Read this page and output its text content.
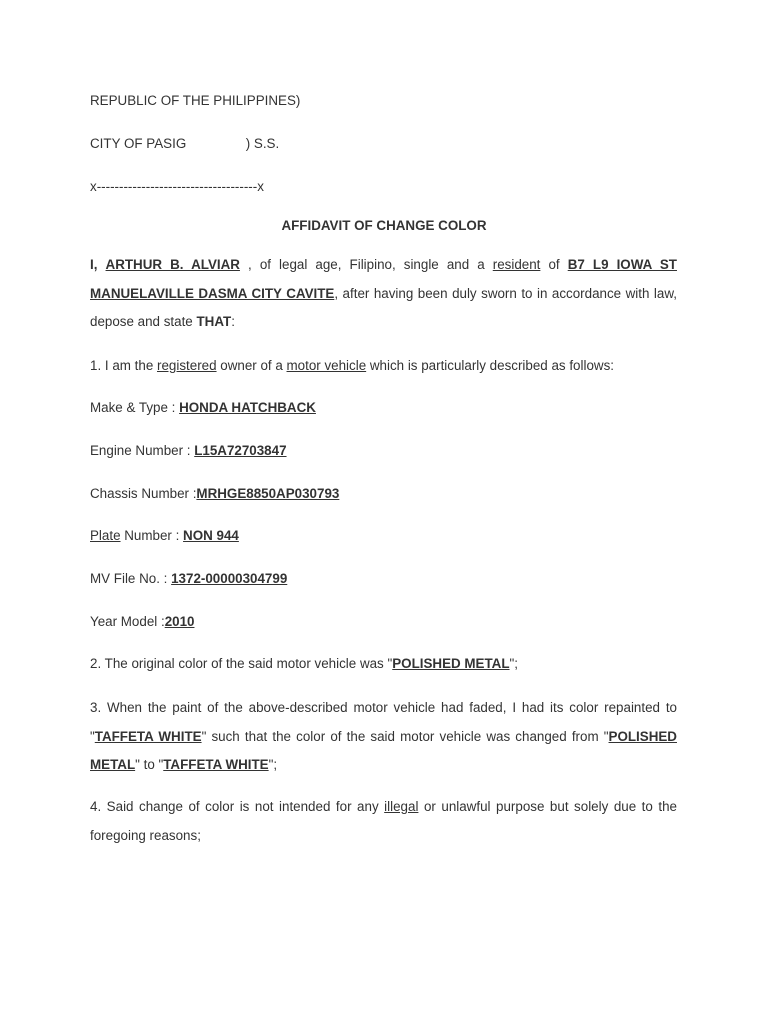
REPUBLIC OF THE PHILIPPINES)
CITY OF PASIG	) S.S.
x------------------------------------x
AFFIDAVIT OF CHANGE COLOR
I, ARTHUR B. ALVIAR , of legal age, Filipino, single and a resident of B7 L9 IOWA ST MANUELAVILLE DASMA CITY CAVITE, after having been duly sworn to in accordance with law, depose and state THAT:
1. I am the registered owner of a motor vehicle which is particularly described as follows:
Make & Type : HONDA HATCHBACK
Engine Number : L15A72703847
Chassis Number :MRHGE8850AP030793
Plate Number : NON 944
MV File No. : 1372-00000304799
Year Model :2010
2. The original color of the said motor vehicle was "POLISHED METAL";
3. When the paint of the above-described motor vehicle had faded, I had its color repainted to "TAFFETA WHITE" such that the color of the said motor vehicle was changed from "POLISHED METAL" to "TAFFETA WHITE";
4. Said change of color is not intended for any illegal or unlawful purpose but solely due to the foregoing reasons;
